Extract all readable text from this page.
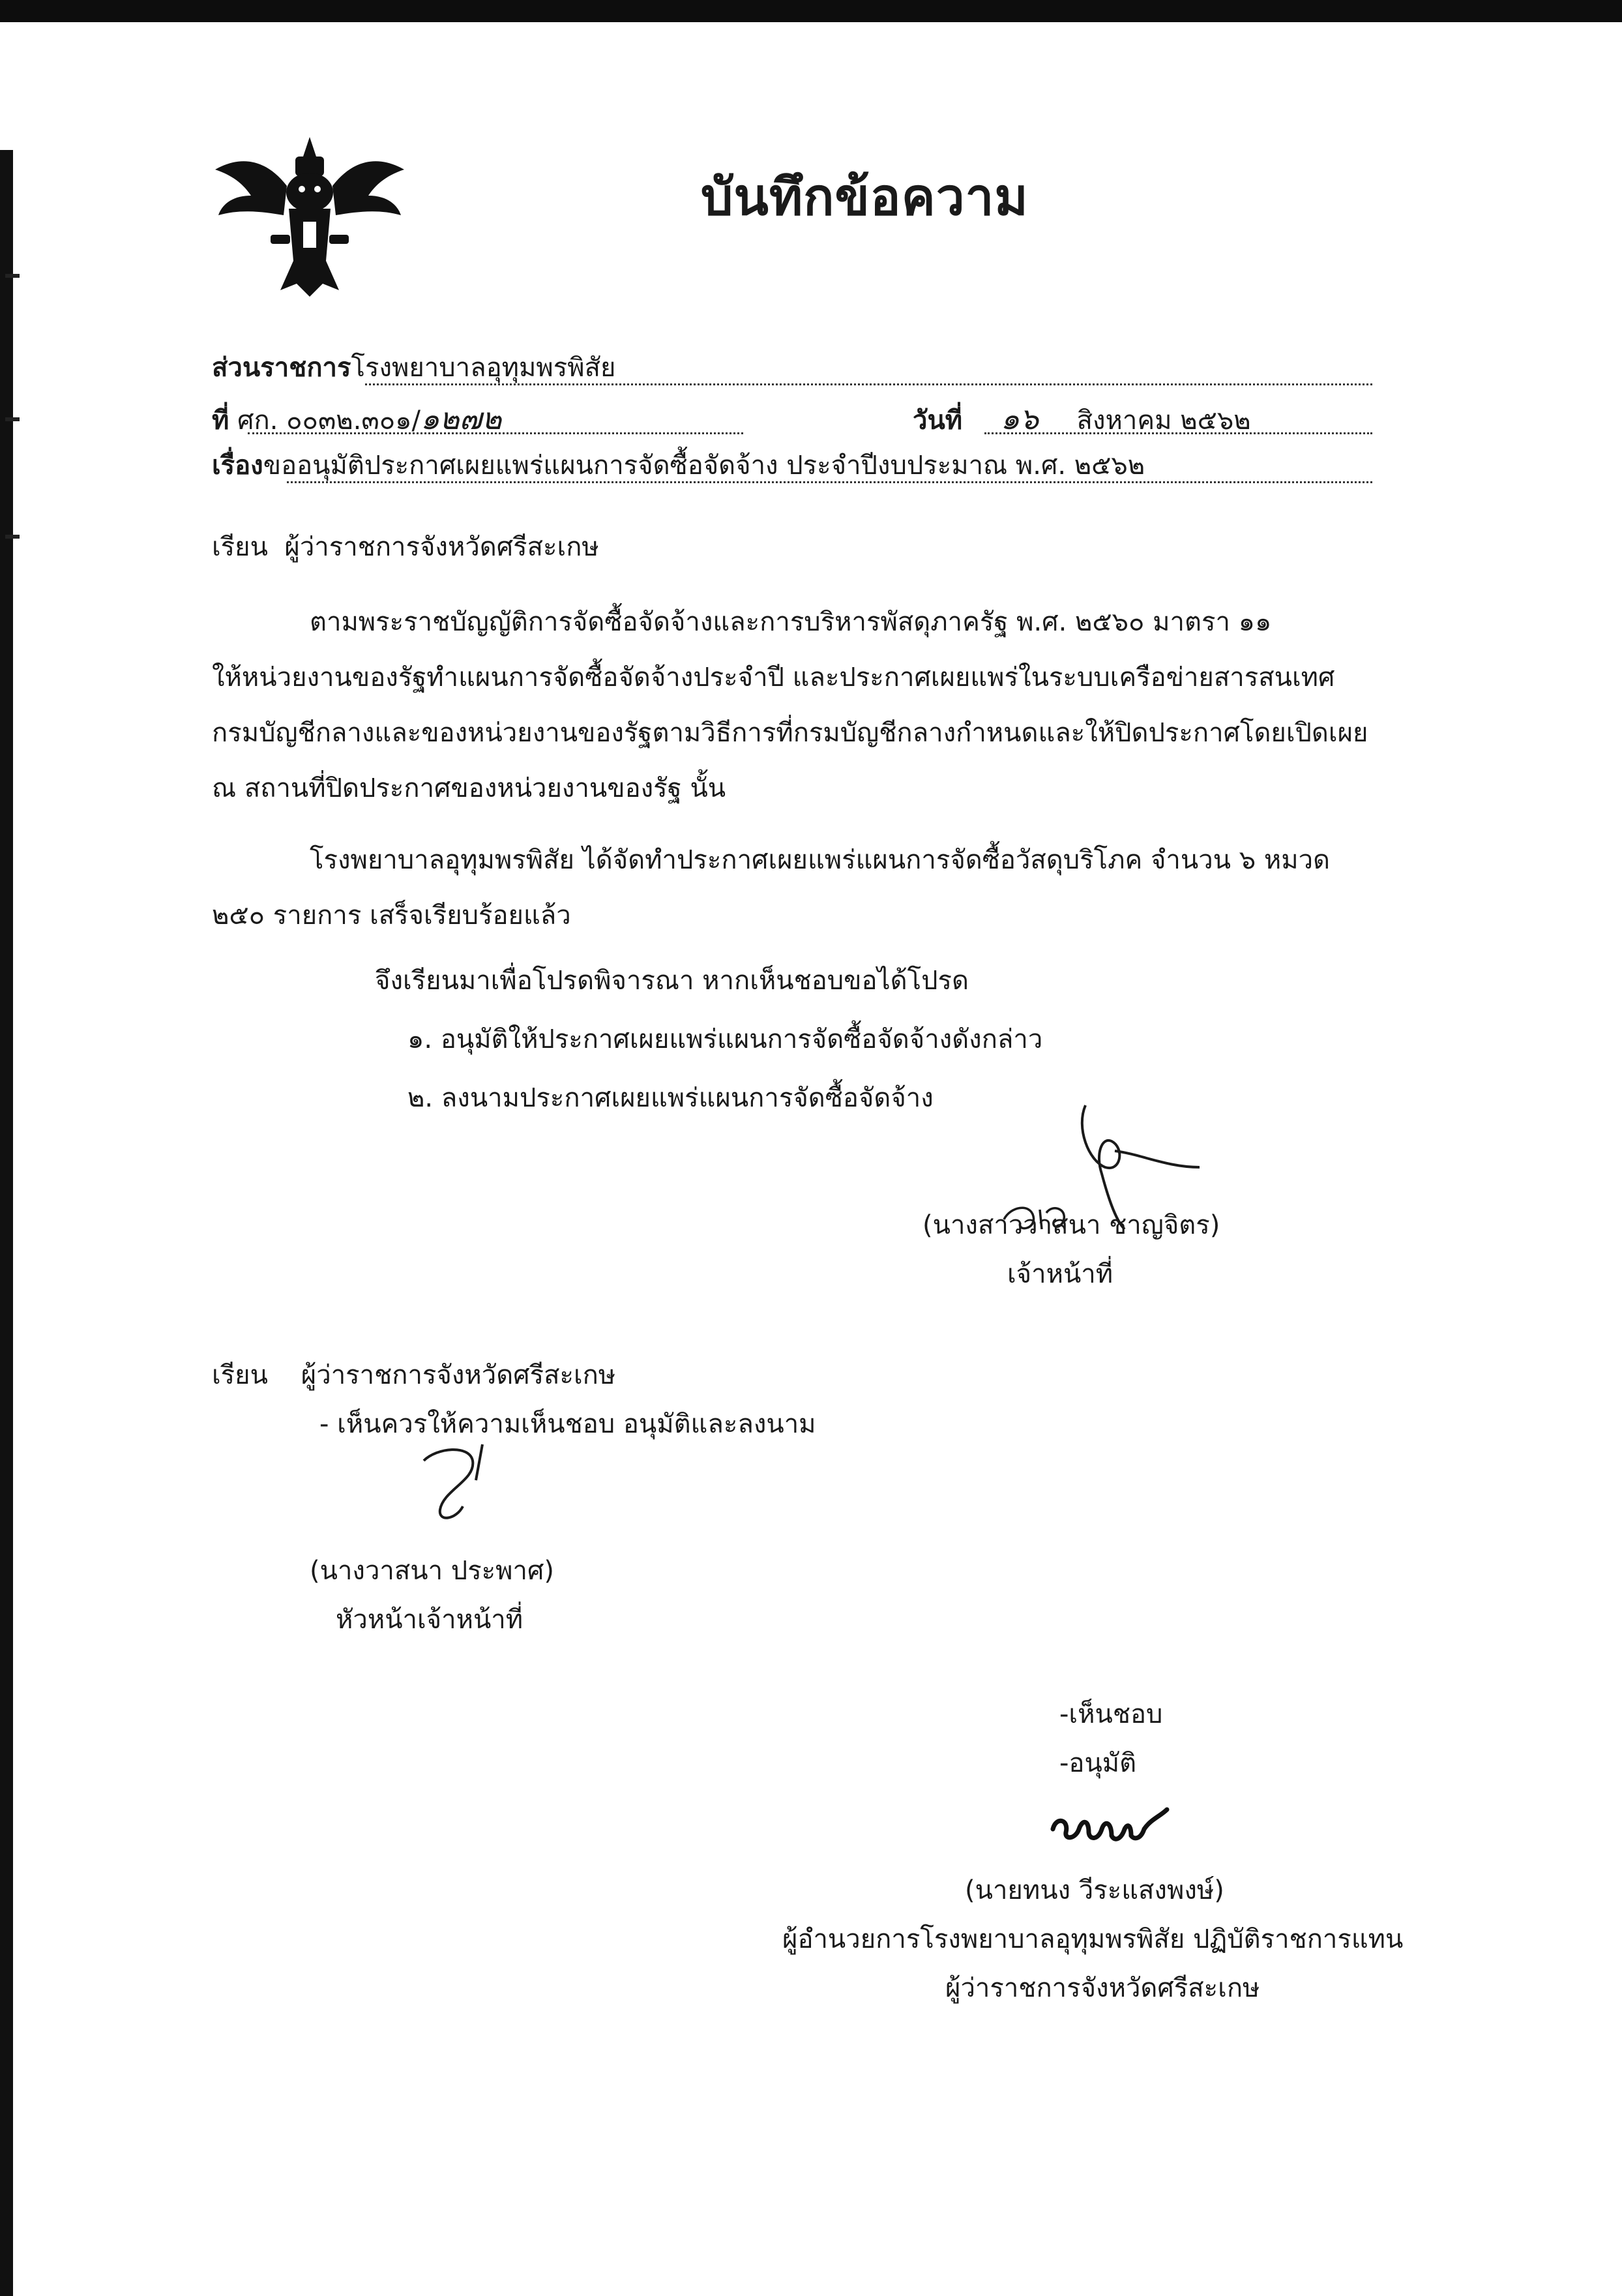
บันทึกข้อความ
ส่วนราชการโรงพยาบาลอุทุมพรพิสัย
ที่ ศก. ๐๐๓๒.๓๐๑/๑๒๗๒	วันที่ ๑๖ สิงหาคม ๒๕๖๒
เรื่องขออนุมัติประกาศเผยแพร่แผนการจัดซื้อจัดจ้าง ประจำปีงบประมาณ พ.ศ. ๒๕๖๒
เรียน ผู้ว่าราชการจังหวัดศรีสะเกษ
ตามพระราชบัญญัติการจัดซื้อจัดจ้างและการบริหารพัสดุภาครัฐ พ.ศ. ๒๕๖๐ มาตรา ๑๑
ให้หน่วยงานของรัฐทำแผนการจัดซื้อจัดจ้างประจำปี และประกาศเผยแพร่ในระบบเครือข่ายสารสนเทศ
กรมบัญชีกลางและของหน่วยงานของรัฐตามวิธีการที่กรมบัญชีกลางกำหนดและให้ปิดประกาศโดยเปิดเผย
ณ สถานที่ปิดประกาศของหน่วยงานของรัฐ นั้น
โรงพยาบาลอุทุมพรพิสัย ได้จัดทำประกาศเผยแพร่แผนการจัดซื้อวัสดุบริโภค จำนวน ๖ หมวด
๒๕๐ รายการ เสร็จเรียบร้อยแล้ว
จึงเรียนมาเพื่อโปรดพิจารณา หากเห็นชอบขอได้โปรด
๑. อนุมัติให้ประกาศเผยแพร่แผนการจัดซื้อจัดจ้างดังกล่าว
๒. ลงนามประกาศเผยแพร่แผนการจัดซื้อจัดจ้าง
(นางสาววาสนา ชาญจิตร)
เจ้าหน้าที่
เรียน ผู้ว่าราชการจังหวัดศรีสะเกษ
- เห็นควรให้ความเห็นชอบ อนุมัติและลงนาม
(นางวาสนา ประพาศ)
หัวหน้าเจ้าหน้าที่
-เห็นชอบ
-อนุมัติ
(นายทนง วีระแสงพงษ์)
ผู้อำนวยการโรงพยาบาลอุทุมพรพิสัย ปฏิบัติราชการแทน
ผู้ว่าราชการจังหวัดศรีสะเกษ
